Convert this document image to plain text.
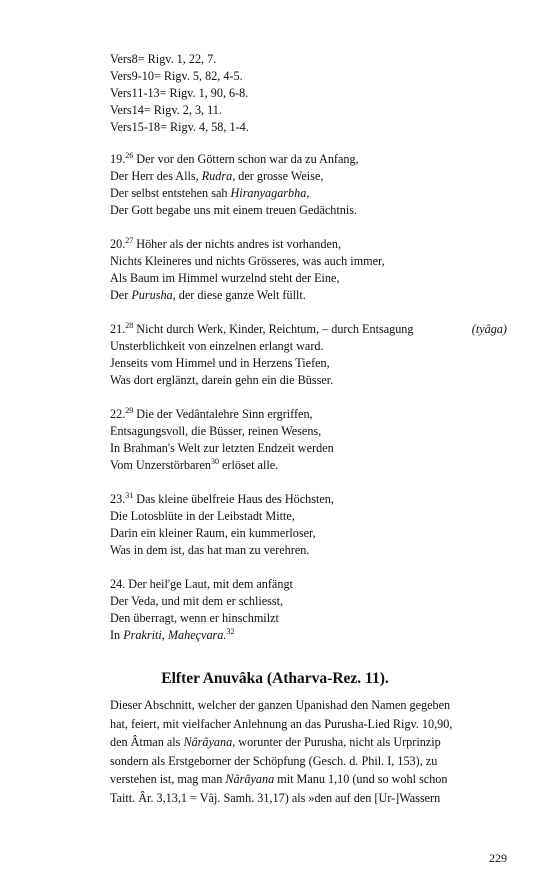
Vers8= Rigv. 1, 22, 7.
Vers9-10= Rigv. 5, 82, 4-5.
Vers11-13= Rigv. 1, 90, 6-8.
Vers14= Rigv. 2, 3, 11.
Vers15-18= Rigv. 4, 58, 1-4.
19.26 Der vor den Göttern schon war da zu Anfang,
Der Herr des Alls, Rudra, der grosse Weise,
Der selbst entstehen sah Hiranyagarbha,
Der Gott begabe uns mit einem treuen Gedächtnis.
20.27 Höher als der nichts andres ist vorhanden,
Nichts Kleineres und nichts Grösseres, was auch immer,
Als Baum im Himmel wurzelnd steht der Eine,
Der Purusha, der diese ganze Welt füllt.
21.28 Nicht durch Werk, Kinder, Reichtum, – durch Entsagung	(tyâga)
Unsterblichkeit von einzelnen erlangt ward.
Jenseits vom Himmel und in Herzens Tiefen,
Was dort erglänzt, darein gehn ein die Büsser.
22.29 Die der Vedântalehre Sinn ergriffen,
Entsagungsvoll, die Büsser, reinen Wesens,
In Brahman's Welt zur letzten Endzeit werden
Vom Unzerstörbaren$^{30}$ erlöset alle.
23.31 Das kleine übelfreie Haus des Höchsten,
Die Lotosblüte in der Leibstadt Mitte,
Darin ein kleiner Raum, ein kummerloser,
Was in dem ist, das hat man zu verehren.
24. Der heil'ge Laut, mit dem anfängt
Der Veda, und mit dem er schliesst,
Den überragt, wenn er hinschmilzt
In Prakriti, Maheçvara.$^{32}$
Elfter Anuvâka (Atharva-Rez. 11).
Dieser Abschnitt, welcher der ganzen Upanishad den Namen gegeben
hat, feiert, mit vielfacher Anlehnung an das Purusha-Lied Rigv. 10,90,
den Âtman als Nârâyana, worunter der Purusha, nicht als Urprinzip
sondern als Erstgeborner der Schöpfung (Gesch. d. Phil. I, 153), zu
verstehen ist, mag man Nârâyana mit Manu 1,10 (und so wohl schon
Taitt. Âr. 3,13,1 = Vâj. Samh. 31,17) als »den auf den [Ur-]Wassern
229
